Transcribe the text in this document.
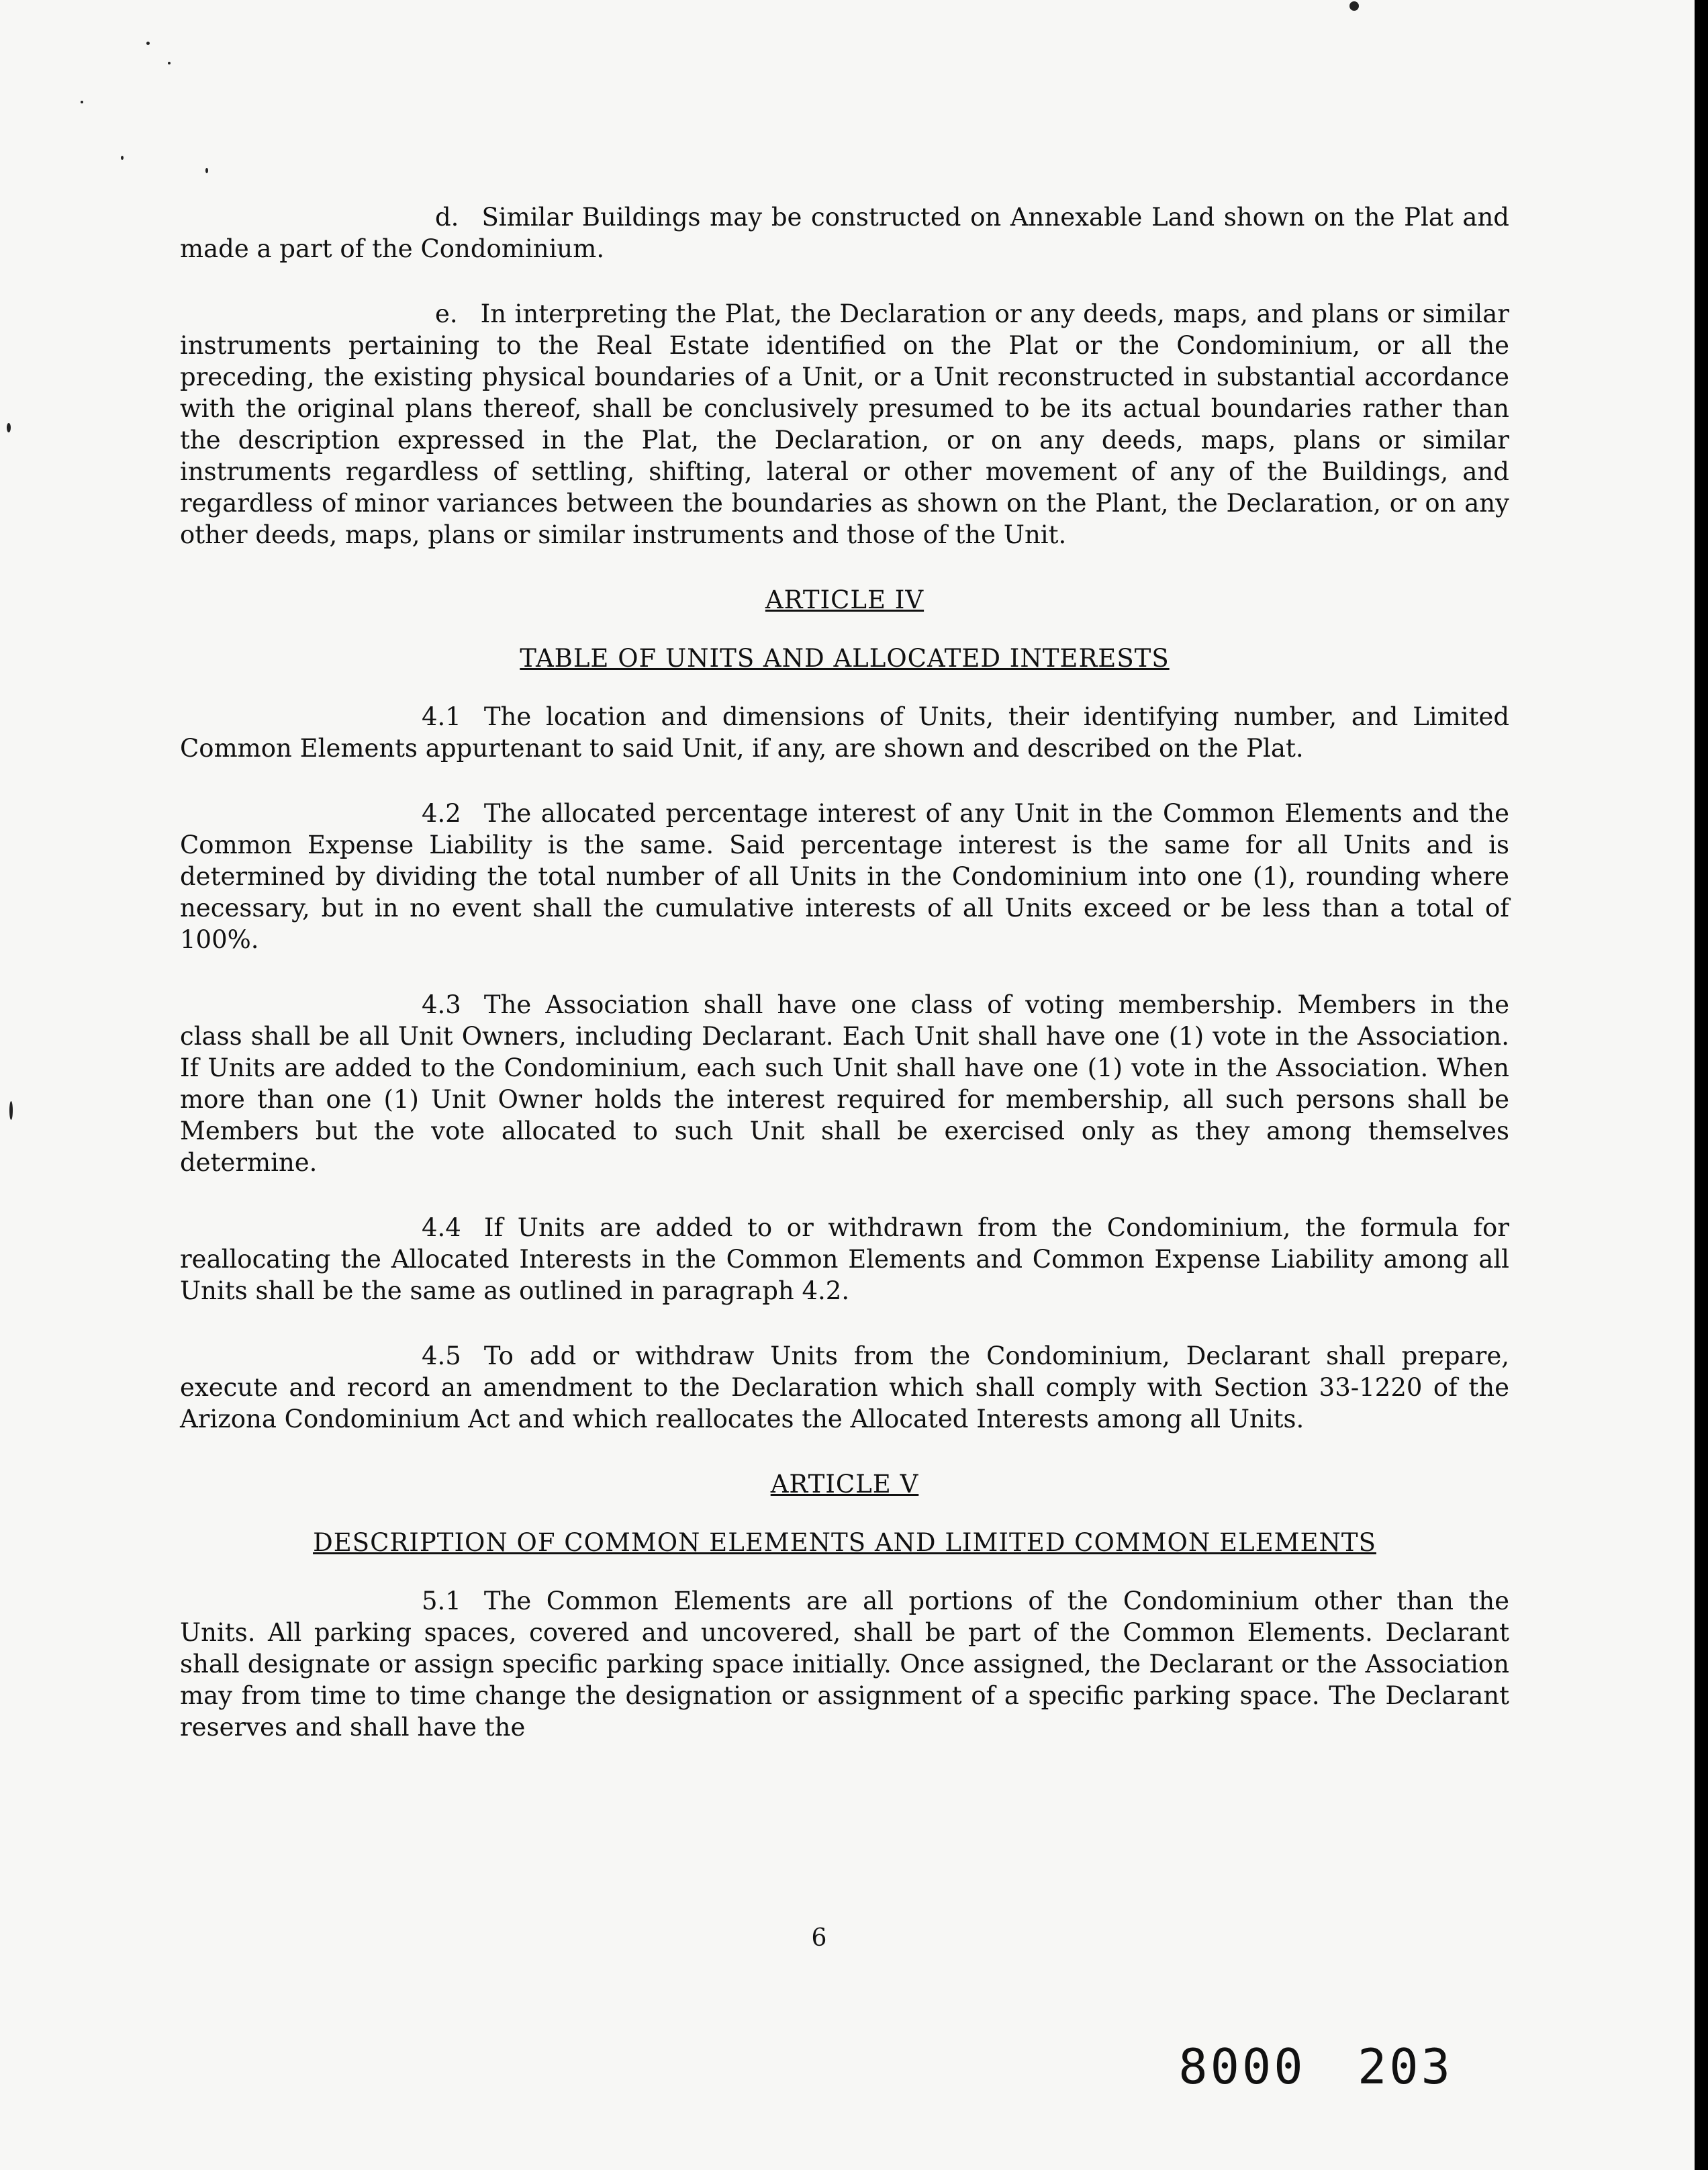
d. Similar Buildings may be constructed on Annexable Land shown on the Plat and made a part of the Condominium.

e. In interpreting the Plat, the Declaration or any deeds, maps, and plans or similar instruments pertaining to the Real Estate identified on the Plat or the Condominium, or all the preceding, the existing physical boundaries of a Unit, or a Unit reconstructed in substantial accordance with the original plans thereof, shall be conclusively presumed to be its actual boundaries rather than the description expressed in the Plat, the Declaration, or on any deeds, maps, plans or similar instruments regardless of settling, shifting, lateral or other movement of any of the Buildings, and regardless of minor variances between the boundaries as shown on the Plant, the Declaration, or on any other deeds, maps, plans or similar instruments and those of the Unit.

ARTICLE IV
TABLE OF UNITS AND ALLOCATED INTERESTS

4.1 The location and dimensions of Units, their identifying number, and Limited Common Elements appurtenant to said Unit, if any, are shown and described on the Plat.

4.2 The allocated percentage interest of any Unit in the Common Elements and the Common Expense Liability is the same. Said percentage interest is the same for all Units and is determined by dividing the total number of all Units in the Condominium into one (1), rounding where necessary, but in no event shall the cumulative interests of all Units exceed or be less than a total of 100%.

4.3 The Association shall have one class of voting membership. Members in the class shall be all Unit Owners, including Declarant. Each Unit shall have one (1) vote in the Association. If Units are added to the Condominium, each such Unit shall have one (1) vote in the Association. When more than one (1) Unit Owner holds the interest required for membership, all such persons shall be Members but the vote allocated to such Unit shall be exercised only as they among themselves determine.

4.4 If Units are added to or withdrawn from the Condominium, the formula for reallocating the Allocated Interests in the Common Elements and Common Expense Liability among all Units shall be the same as outlined in paragraph 4.2.

4.5 To add or withdraw Units from the Condominium, Declarant shall prepare, execute and record an amendment to the Declaration which shall comply with Section 33-1220 of the Arizona Condominium Act and which reallocates the Allocated Interests among all Units.

ARTICLE V
DESCRIPTION OF COMMON ELEMENTS AND LIMITED COMMON ELEMENTS

5.1 The Common Elements are all portions of the Condominium other than the Units. All parking spaces, covered and uncovered, shall be part of the Common Elements. Declarant shall designate or assign specific parking space initially. Once assigned, the Declarant or the Association may from time to time change the designation or assignment of a specific parking space. The Declarant reserves and shall have the

6
8000 203
